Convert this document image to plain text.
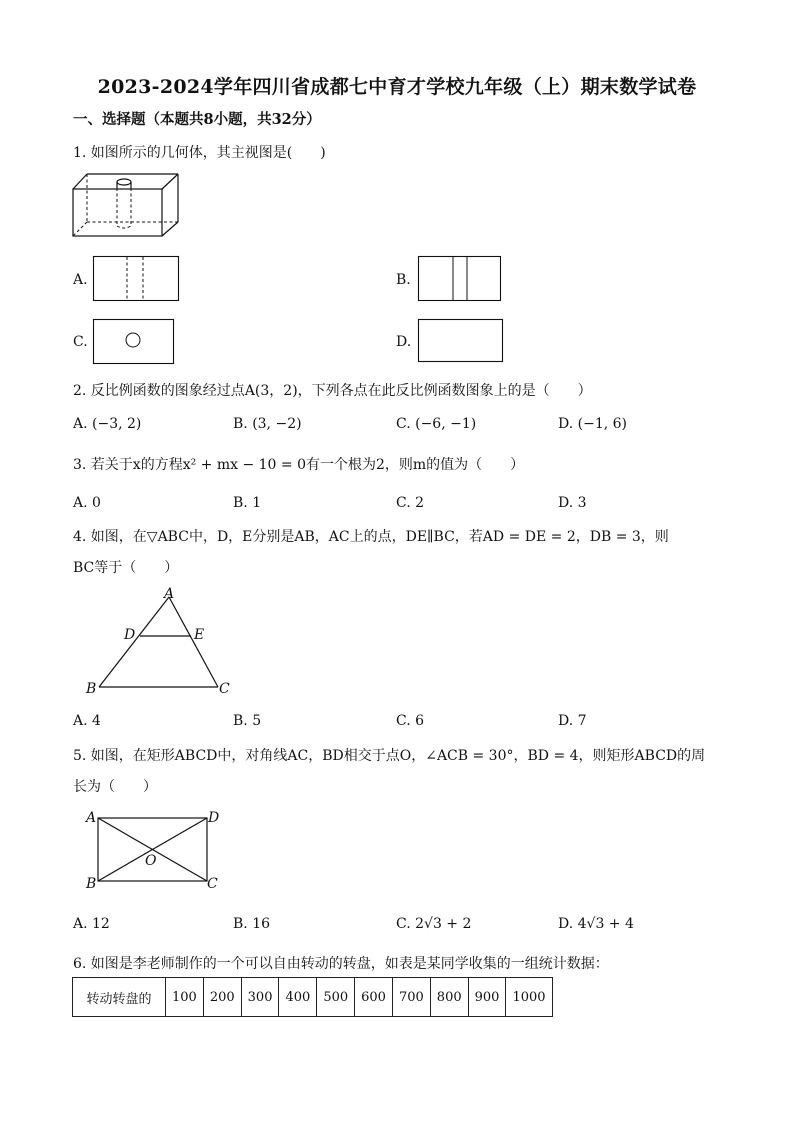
2023-2024学年四川省成都七中育才学校九年级（上）期末数学试卷
一、选择题（本题共8小题，共32分）
1. 如图所示的几何体，其主视图是(　　)
A.	B.
C.	D.
2. 反比例函数的图象经过点A(3，2)，下列各点在此反比例函数图象上的是（　　）
A. (−3, 2)	B. (3, −2)	C. (−6, −1)	D. (−1, 6)
3. 若关于x的方程x² + mx − 10 = 0有一个根为2，则m的值为（　　）
A. 0	B. 1	C. 2	D. 3
4. 如图，在▽ABC中，D，E分别是AB，AC上的点，DE∥BC，若AD = DE = 2，DB = 3，则
BC等于（　　）
A
D	E
B	C
A. 4	B. 5	C. 6	D. 7
5. 如图，在矩形ABCD中，对角线AC，BD相交于点O，∠ACB = 30°，BD = 4，则矩形ABCD的周
长为（　　）
A	D
O
B	C
A. 12	B. 16	C. 2√3 + 2	D. 4√3 + 4
6. 如图是李老师制作的一个可以自由转动的转盘，如表是某同学收集的一组统计数据：
转动转盘的	100	200	300	400	500	600	700	800	900	1000
